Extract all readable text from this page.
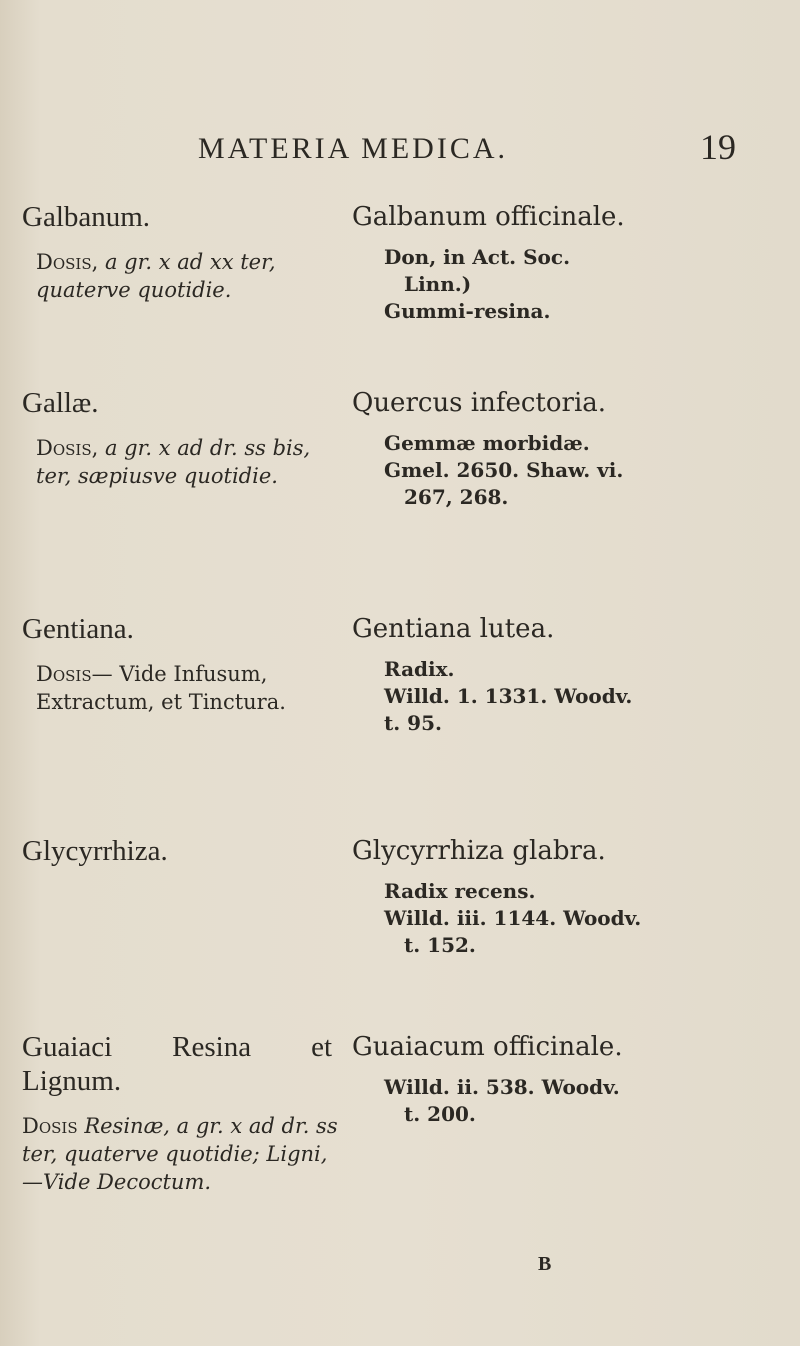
MATERIA MEDICA.	19
Galbanum.
Dosis, a gr. x ad xx ter, quaterve quotidie.
Galbanum officinale.
Don, in Act. Soc.
Linn.)
Gummi-resina.
Gallæ.
Dosis, a gr. x ad dr. ss bis, ter, sæpiusve quotidie.
Quercus infectoria.
Gemmæ morbidæ.
Gmel. 2650. Shaw. vi.
267, 268.
Gentiana.
Dosis— Vide Infusum, Extractum, et Tinctura.
Gentiana lutea.
Radix.
Willd. 1. 1331. Woodv.
t. 95.
Glycyrrhiza.	Glycyrrhiza glabra.
Radix recens.
Willd. iii. 1144. Woodv.
t. 152.
Guaiaci Resina et
Lignum.
Dosis Resinæ, a gr. x ad dr. ss ter, quaterve quotidie; Ligni,—Vide Decoctum.
Guaiacum officinale.
Willd. ii. 538. Woodv.
t. 200.
B
